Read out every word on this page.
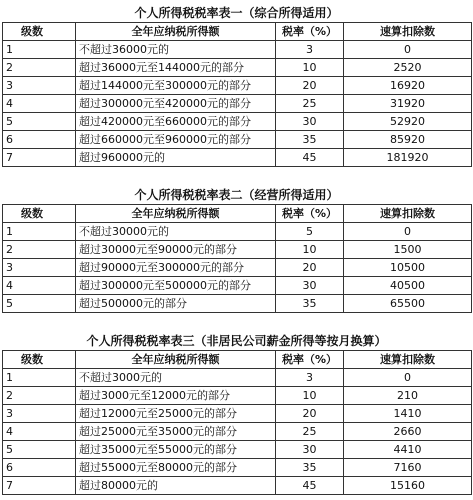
个人所得税税率表一（综合所得适用）
级数	全年应纳税所得额	税率（%）	速算扣除数
1	不超过36000元的	3	0
2	超过36000元至144000元的部分	10	2520
3	超过144000元至300000元的部分	20	16920
4	超过300000元至420000元的部分	25	31920
5	超过420000元至660000元的部分	30	52920
6	超过660000元至960000元的部分	35	85920
7	超过960000元的	45	181920
个人所得税税率表二（经营所得适用）
级数	全年应纳税所得额	税率（%）	速算扣除数
1	不超过30000元的	5	0
2	超过30000元至90000元的部分	10	1500
3	超过90000元至300000元的部分	20	10500
4	超过300000元至500000元的部分	30	40500
5	超过500000元的部分	35	65500
个人所得税税率表三（非居民公司薪金所得等按月换算）
级数	全年应纳税所得额	税率（%）	速算扣除数
1	不超过3000元的	3	0
2	超过3000元至12000元的部分	10	210
3	超过12000元至25000元的部分	20	1410
4	超过25000元至35000元的部分	25	2660
5	超过35000元至55000元的部分	30	4410
6	超过55000元至80000元的部分	35	7160
7	超过80000元的	45	15160
